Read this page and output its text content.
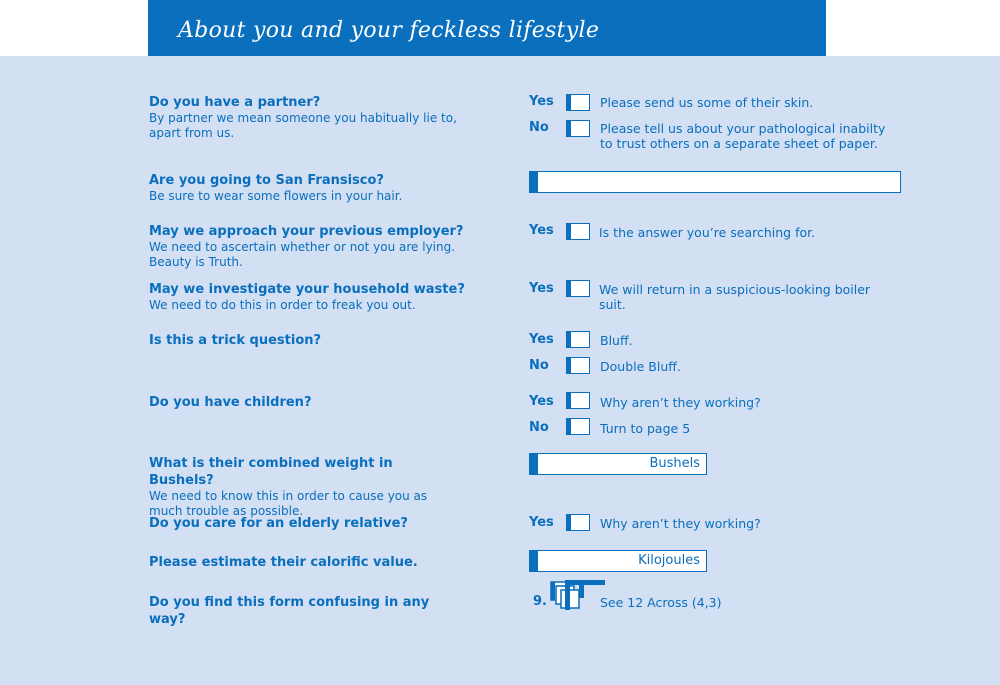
About you and your feckless lifestyle
Do you have a partner?
By partner we mean someone you habitually lie to, apart from us.
Yes	Please send us some of their skin.
No	Please tell us about your pathological inabilty to trust others on a separate sheet of paper.
Are you going to San Fransisco?
Be sure to wear some flowers in your hair.
May we approach your previous employer?
We need to ascertain whether or not you are lying. Beauty is Truth.
Yes	Is the answer you’re searching for.
May we investigate your household waste?
We need to do this in order to freak you out.
Yes	We will return in a suspicious-looking boiler suit.
Is this a trick question?	Yes	Bluff.
No	Double Bluff.
Do you have children?	Yes	Why aren’t they working?
No	Turn to page 5
What is their combined weight in Bushels?
We need to know this in order to cause you as much trouble as possible.
Bushels
Do you care for an elderly relative?	Yes	Why aren’t they working?
Please estimate their calorific value.	Kilojoules
Do you find this form confusing in any way?
9.	See 12 Across (4,3)
